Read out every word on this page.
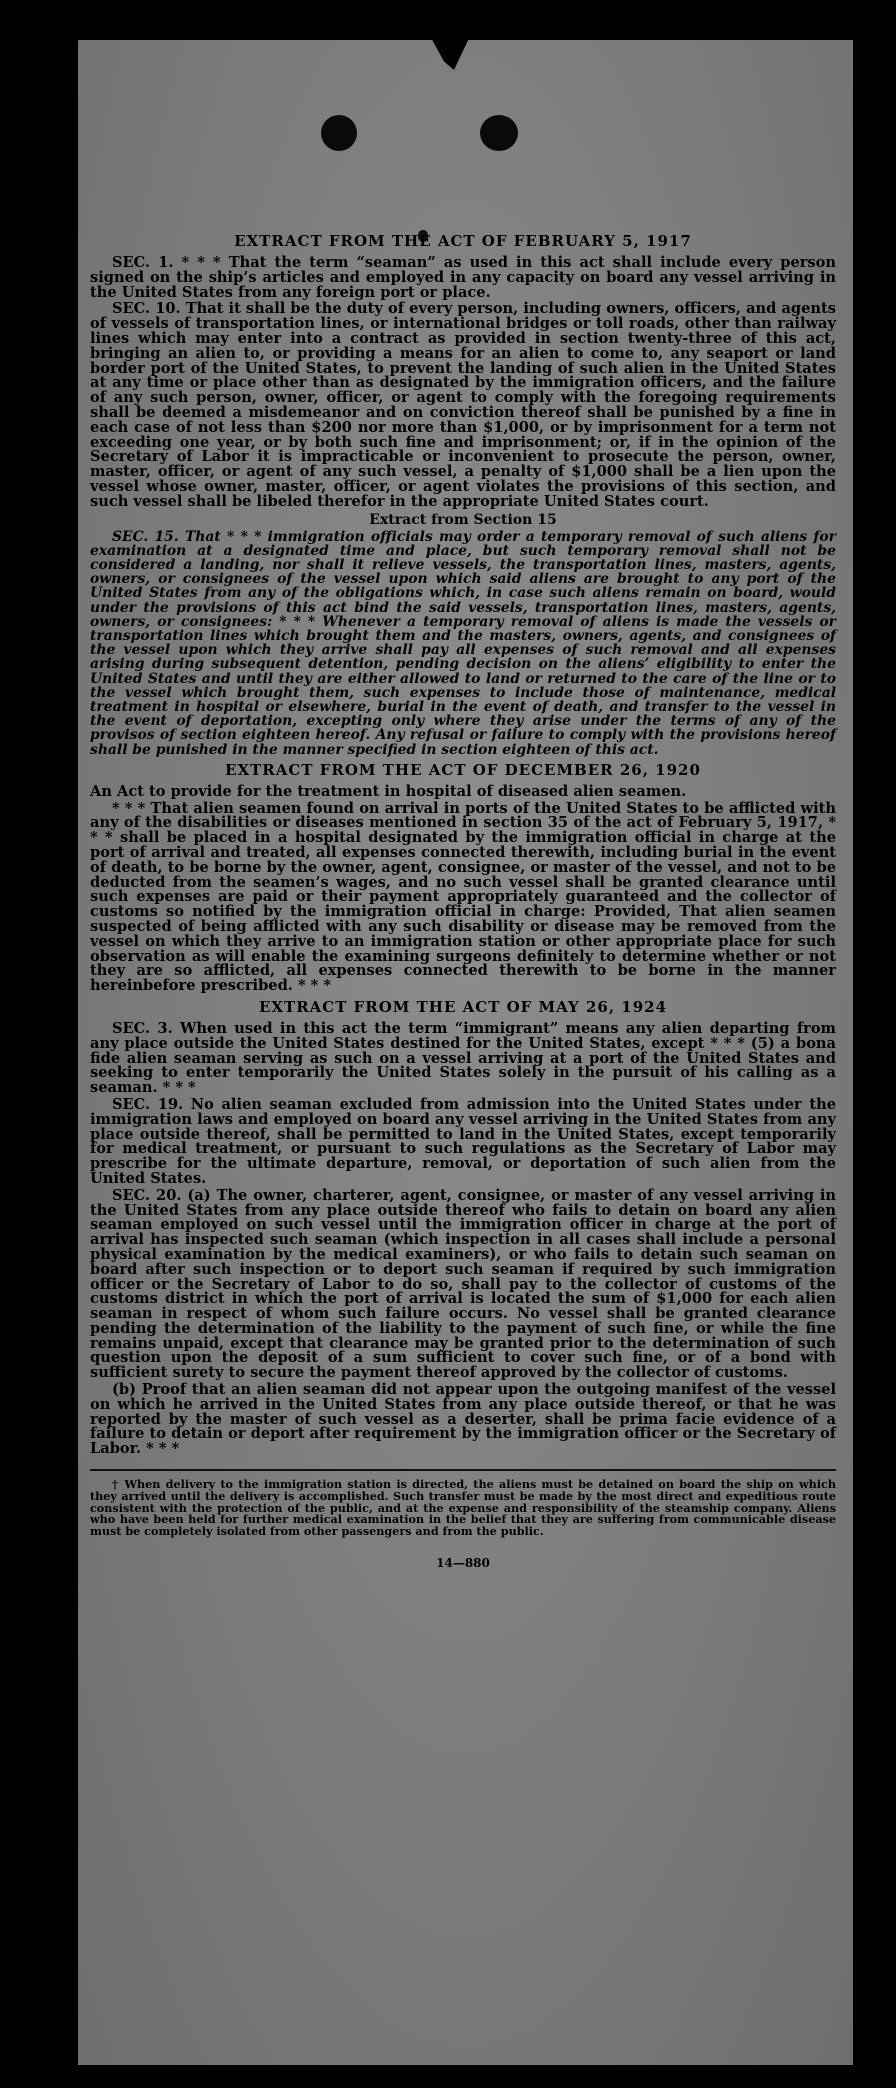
EXTRACT FROM THE ACT OF FEBRUARY 5, 1917

SEC. 1. * * * That the term “seaman” as used in this act shall include every person signed on the ship’s articles and employed in any capacity on board any vessel arriving in the United States from any foreign port or place.

SEC. 10. That it shall be the duty of every person, including owners, officers, and agents of vessels of transportation lines, or international bridges or toll roads, other than railway lines which may enter into a contract as provided in section twenty-three of this act, bringing an alien to, or providing a means for an alien to come to, any seaport or land border port of the United States, to prevent the landing of such alien in the United States at any time or place other than as designated by the immigration officers, and the failure of any such person, owner, officer, or agent to comply with the foregoing requirements shall be deemed a misdemeanor and on conviction thereof shall be punished by a fine in each case of not less than $200 nor more than $1,000, or by imprisonment for a term not exceeding one year, or by both such fine and imprisonment; or, if in the opinion of the Secretary of Labor it is impracticable or inconvenient to prosecute the person, owner, master, officer, or agent of any such vessel, a penalty of $1,000 shall be a lien upon the vessel whose owner, master, officer, or agent violates the provisions of this section, and such vessel shall be libeled therefor in the appropriate United States court.

Extract from Section 15

SEC. 15. That * * * immigration officials may order a temporary removal of such aliens for examination at a designated time and place, but such temporary removal shall not be considered a landing, nor shall it relieve vessels, the transportation lines, masters, agents, owners, or consignees of the vessel upon which said aliens are brought to any port of the United States from any of the obligations which, in case such aliens remain on board, would under the provisions of this act bind the said vessels, transportation lines, masters, agents, owners, or consignees: * * * Whenever a temporary removal of aliens is made the vessels or transportation lines which brought them and the masters, owners, agents, and consignees of the vessel upon which they arrive shall pay all expenses of such removal and all expenses arising during subsequent detention, pending decision on the aliens’ eligibility to enter the United States and until they are either allowed to land or returned to the care of the line or to the vessel which brought them, such expenses to include those of maintenance, medical treatment in hospital or elsewhere, burial in the event of death, and transfer to the vessel in the event of deportation, excepting only where they arise under the terms of any of the provisos of section eighteen hereof. Any refusal or failure to comply with the provisions hereof shall be punished in the manner specified in section eighteen of this act.

EXTRACT FROM THE ACT OF DECEMBER 26, 1920

An Act to provide for the treatment in hospital of diseased alien seamen.

* * * That alien seamen found on arrival in ports of the United States to be afflicted with any of the disabilities or diseases mentioned in section 35 of the act of February 5, 1917, * * * shall be placed in a hospital designated by the immigration official in charge at the port of arrival and treated, all expenses connected therewith, including burial in the event of death, to be borne by the owner, agent, consignee, or master of the vessel, and not to be deducted from the seamen’s wages, and no such vessel shall be granted clearance until such expenses are paid or their payment appropriately guaranteed and the collector of customs so notified by the immigration official in charge: Provided, That alien seamen suspected of being afflicted with any such disability or disease may be removed from the vessel on which they arrive to an immigration station or other appropriate place for such observation as will enable the examining surgeons definitely to determine whether or not they are so afflicted, all expenses connected therewith to be borne in the manner hereinbefore prescribed. * * *

EXTRACT FROM THE ACT OF MAY 26, 1924

SEC. 3. When used in this act the term “immigrant” means any alien departing from any place outside the United States destined for the United States, except * * * (5) a bona fide alien seaman serving as such on a vessel arriving at a port of the United States and seeking to enter temporarily the United States solely in the pursuit of his calling as a seaman. * * *

SEC. 19. No alien seaman excluded from admission into the United States under the immigration laws and employed on board any vessel arriving in the United States from any place outside thereof, shall be permitted to land in the United States, except temporarily for medical treatment, or pursuant to such regulations as the Secretary of Labor may prescribe for the ultimate departure, removal, or deportation of such alien from the United States.

SEC. 20. (a) The owner, charterer, agent, consignee, or master of any vessel arriving in the United States from any place outside thereof who fails to detain on board any alien seaman employed on such vessel until the immigration officer in charge at the port of arrival has inspected such seaman (which inspection in all cases shall include a personal physical examination by the medical examiners), or who fails to detain such seaman on board after such inspection or to deport such seaman if required by such immigration officer or the Secretary of Labor to do so, shall pay to the collector of customs of the customs district in which the port of arrival is located the sum of $1,000 for each alien seaman in respect of whom such failure occurs. No vessel shall be granted clearance pending the determination of the liability to the payment of such fine, or while the fine remains unpaid, except that clearance may be granted prior to the determination of such question upon the deposit of a sum sufficient to cover such fine, or of a bond with sufficient surety to secure the payment thereof approved by the collector of customs.

(b) Proof that an alien seaman did not appear upon the outgoing manifest of the vessel on which he arrived in the United States from any place outside thereof, or that he was reported by the master of such vessel as a deserter, shall be prima facie evidence of a failure to detain or deport after requirement by the immigration officer or the Secretary of Labor. * * *

† When delivery to the immigration station is directed, the aliens must be detained on board the ship on which they arrived until the delivery is accomplished. Such transfer must be made by the most direct and expeditious route consistent with the protection of the public, and at the expense and responsibility of the steamship company. Aliens who have been held for further medical examination in the belief that they are suffering from communicable disease must be completely isolated from other passengers and from the public.

14—880
